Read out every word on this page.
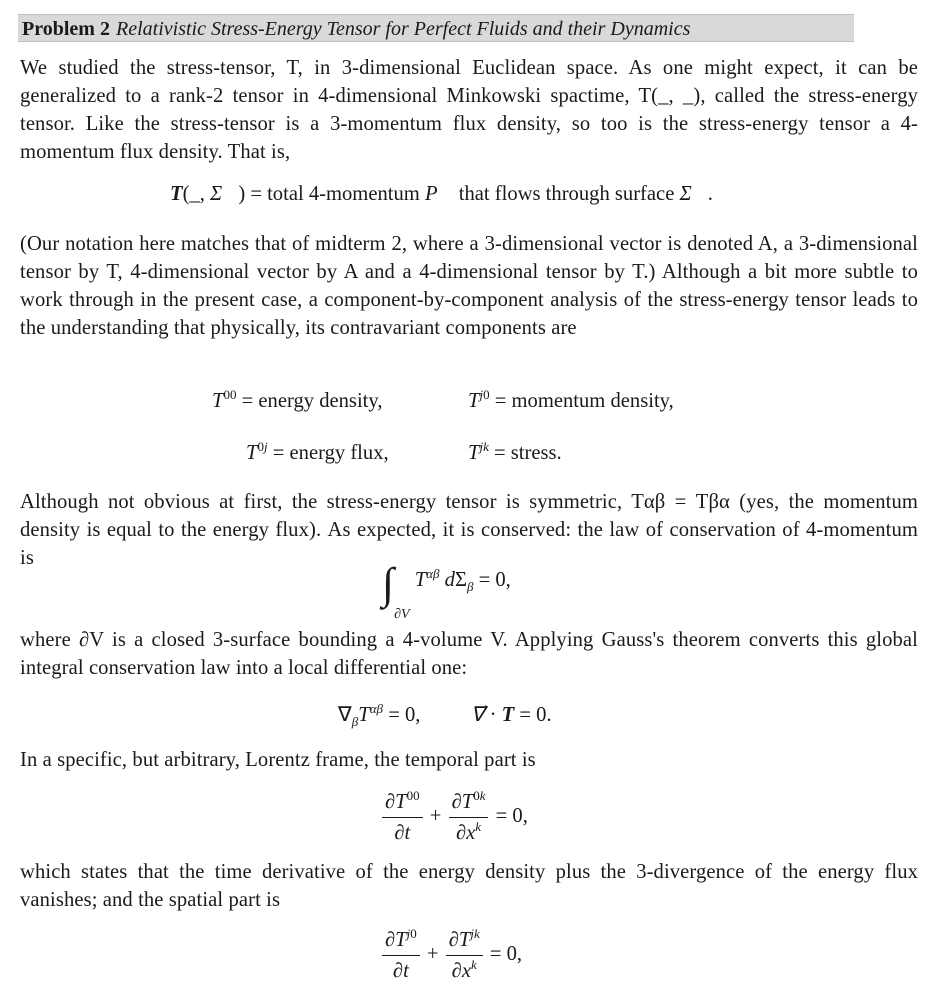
Problem 2 Relativistic Stress-Energy Tensor for Perfect Fluids and their Dynamics
We studied the stress-tensor, T, in 3-dimensional Euclidean space. As one might expect, it can be generalized to a rank-2 tensor in 4-dimensional Minkowski spactime, T(_, _), called the stress-energy tensor. Like the stress-tensor is a 3-momentum flux density, so too is the stress-energy tensor a 4-momentum flux density. That is,
T(_, Σ⃗) = total 4-momentum P⃗ that flows through surface Σ⃗.
(Our notation here matches that of midterm 2, where a 3-dimensional vector is denoted A, a 3-dimensional tensor by T, 4-dimensional vector by A and a 4-dimensional tensor by T.) Although a bit more subtle to work through in the present case, a component-by-component analysis of the stress-energy tensor leads to the understanding that physically, its contravariant components are
$T^{00}$ = energy density,	$T^{j0}$ = momentum density,
$T^{0j}$ = energy flux,	$T^{jk}$ = stress.
Although not obvious at first, the stress-energy tensor is symmetric, Tαβ = Tβα (yes, the momentum density is equal to the energy flux). As expected, it is conserved: the law of conservation of 4-momentum is
$\int_{\partial V}$ $T^{\alpha\beta}$ $d\Sigma_\beta = 0$,
where ∂V is a closed 3-surface bounding a 4-volume V. Applying Gauss's theorem converts this global integral conservation law into a local differential one:
$\nabla_\beta T^{\alpha\beta} = 0$,  ∇⃗ · T = 0.
In a specific, but arbitrary, Lorentz frame, the temporal part is
$\frac{\partial T^{00}}{\partial t} + \frac{\partial T^{0k}}{\partial x^k} = 0$,
which states that the time derivative of the energy density plus the 3-divergence of the energy flux vanishes; and the spatial part is
$\frac{\partial T^{j0}}{\partial t} + \frac{\partial T^{jk}}{\partial x^k} = 0$,
